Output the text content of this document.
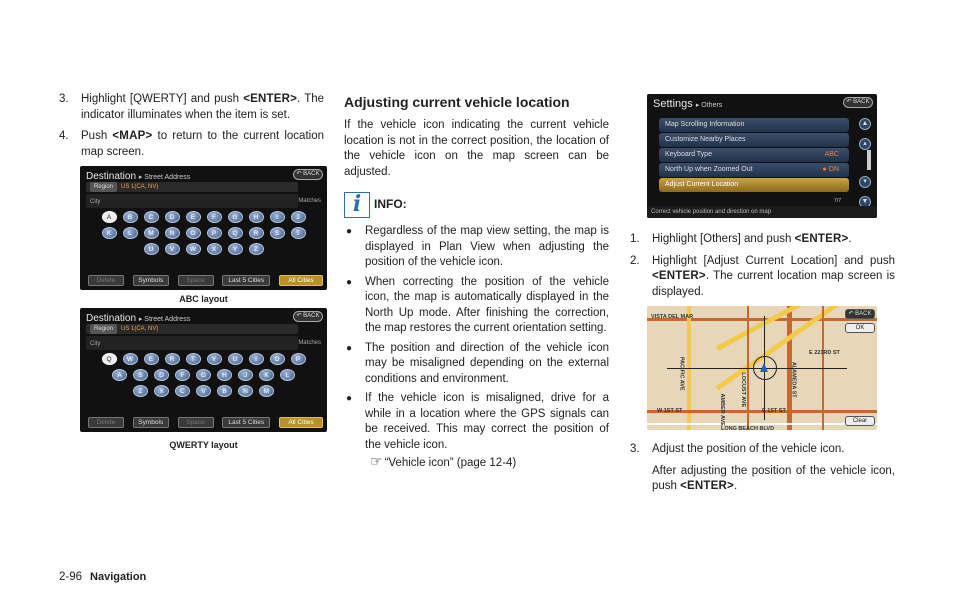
3.	Highlight [QWERTY] and push <ENTER>. The indicator illuminates when the item is set.
4.	Push <MAP> to return to the current location map screen.
Destination ▸ Street Address	↶ BACK
Region US 1(CA, NV)
City	Matches
A	B	C	D	E	F	G	H	I	J
K	L	M	N	O	P	Q	R	S	T
U	V	W	X	Y	Z
Delete	Symbols	Space	Last 5 Cities	All Cities
ABC layout
Destination ▸ Street Address	↶ BACK
Region US 1(CA, NV)
City	Matches
Q	W	E	R	T	Y	U	I	O	P
A	S	D	F	G	H	J	K	L
Z	X	C	V	B	N	M
Delete	Symbols	Space	Last 5 Cities	All Cities
QWERTY layout
Adjusting current vehicle location

If the vehicle icon indicating the current vehicle location is not in the correct position, the location of the vehicle icon on the map screen can be adjusted.

i	INFO:
●	Regardless of the map view setting, the map is displayed in Plan View when adjusting the position of the vehicle icon.
●	When correcting the position of the vehicle icon, the map is automatically displayed in the North Up mode. After finishing the correction, the map restores the current orientation setting.
●	The position and direction of the vehicle icon may be misaligned depending on the external conditions and environment.
●	If the vehicle icon is misaligned, drive for a while in a location where the GPS signals can be received. This may correct the position of the vehicle icon.
☞ “Vehicle icon” (page 12-4)
Settings ▸ Others	↶ BACK
Map Scrolling Information
Customize Nearby Places
Keyboard Type	ABC
North Up when Zoomed Out	● ON
Adjust Current Location
▲
▴
▾
▼
7/7
Correct vehicle position and direction on map
1.	Highlight [Others] and push <ENTER>.
2.	Highlight [Adjust Current Location] and push <ENTER>. The current location map screen is displayed.
VISTA DEL MAR
E 223RD ST
W 1ST ST	E 1ST ST
LONG BEACH BLVD
PACIFIC AVE
AMBER AVE
ALAMEDA ST
LOCUST AVE
↶ BACK
OK
Clear
3.	Adjust the position of the vehicle icon.
After adjusting the position of the vehicle icon, push <ENTER>.
2-96 Navigation
